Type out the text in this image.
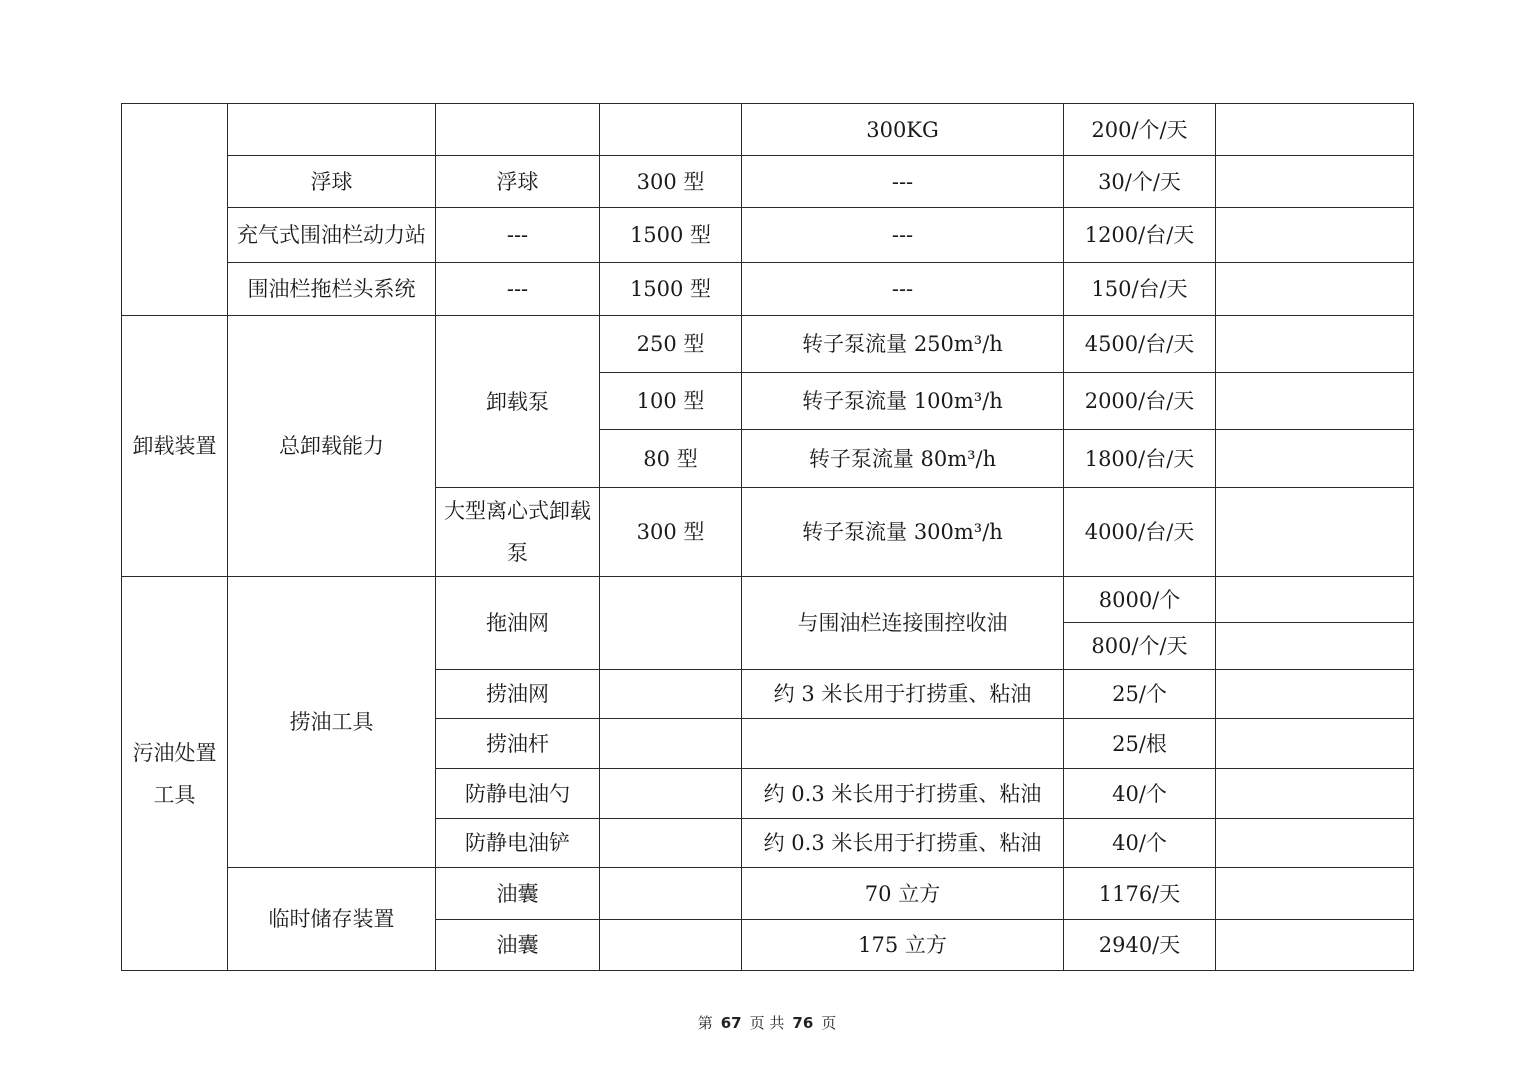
				300KG	200/个/天	
	浮球	浮球	300 型	---	30/个/天	
	充气式围油栏动力站	---	1500 型	---	1200/台/天	
	围油栏拖栏头系统	---	1500 型	---	150/台/天	
卸载装置	总卸载能力	卸载泵	250 型	转子泵流量 250m³/h	4500/台/天	
			100 型	转子泵流量 100m³/h	2000/台/天	
			80 型	转子泵流量 80m³/h	1800/台/天	
		大型离心式卸载泵	300 型	转子泵流量 300m³/h	4000/台/天	

污油处置工具	捞油工具	拖油网		与围油栏连接围控收油	8000/个	
					800/个/天	
		捞油网		约 3 米长用于打捞重、粘油	25/个	
		捞油杆			25/根	
		防静电油勺		约 0.3 米长用于打捞重、粘油	40/个	
		防静电油铲		约 0.3 米长用于打捞重、粘油	40/个	
	临时储存装置	油囊		70 立方	1176/天	
		油囊		175 立方	2940/天	
第 67 页 共 76 页
